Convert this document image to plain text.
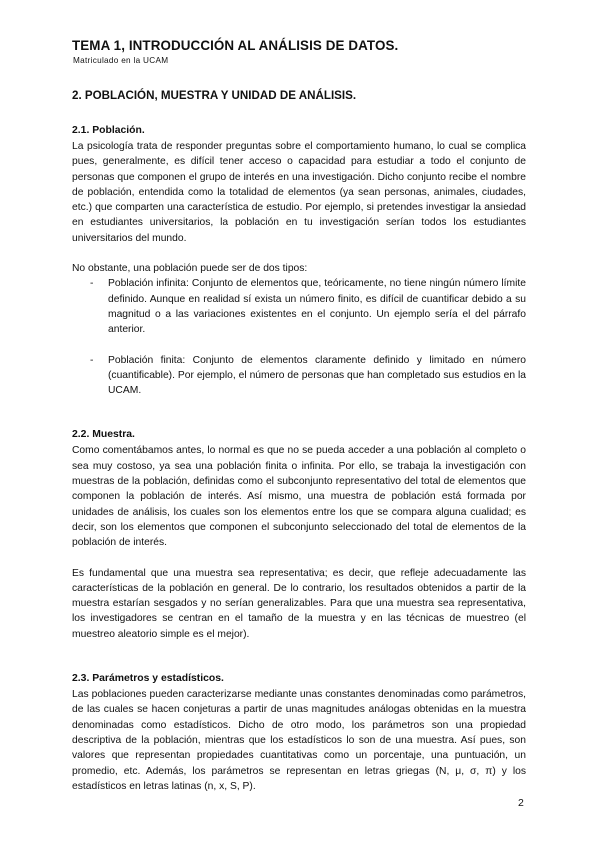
TEMA 1, INTRODUCCIÓN AL ANÁLISIS DE DATOS.
Matriculado en la UCAM
2. POBLACIÓN, MUESTRA Y UNIDAD DE ANÁLISIS.
2.1. Población.

La psicología trata de responder preguntas sobre el comportamiento humano, lo cual se complica pues, generalmente, es difícil tener acceso o capacidad para estudiar a todo el conjunto de personas que componen el grupo de interés en una investigación. Dicho conjunto recibe el nombre de población, entendida como la totalidad de elementos (ya sean personas, animales, ciudades, etc.) que comparten una característica de estudio. Por ejemplo, si pretendes investigar la ansiedad en estudiantes universitarios, la población en tu investigación serían todos los estudiantes universitarios del mundo.

No obstante, una población puede ser de dos tipos:

- Población infinita: Conjunto de elementos que, teóricamente, no tiene ningún número límite definido. Aunque en realidad sí exista un número finito, es difícil de cuantificar debido a su magnitud o a las variaciones existentes en el conjunto. Un ejemplo sería el del párrafo anterior.
- Población finita: Conjunto de elementos claramente definido y limitado en número (cuantificable). Por ejemplo, el número de personas que han completado sus estudios en la UCAM.
2.2. Muestra.

Como comentábamos antes, lo normal es que no se pueda acceder a una población al completo o sea muy costoso, ya sea una población finita o infinita. Por ello, se trabaja la investigación con muestras de la población, definidas como el subconjunto representativo del total de elementos que componen la población de interés. Así mismo, una muestra de población está formada por unidades de análisis, los cuales son los elementos entre los que se compara alguna cualidad; es decir, son los elementos que componen el subconjunto seleccionado del total de elementos de la población de interés.

Es fundamental que una muestra sea representativa; es decir, que refleje adecuadamente las características de la población en general. De lo contrario, los resultados obtenidos a partir de la muestra estarían sesgados y no serían generalizables. Para que una muestra sea representativa, los investigadores se centran en el tamaño de la muestra y en las técnicas de muestreo (el muestreo aleatorio simple es el mejor).

2.3. Parámetros y estadísticos.

Las poblaciones pueden caracterizarse mediante unas constantes denominadas como parámetros, de las cuales se hacen conjeturas a partir de unas magnitudes análogas obtenidas en la muestra denominadas como estadísticos. Dicho de otro modo, los parámetros son una propiedad descriptiva de la población, mientras que los estadísticos lo son de una muestra. Así pues, son valores que representan propiedades cuantitativas como un porcentaje, una puntuación, un promedio, etc. Además, los parámetros se representan en letras griegas (N, μ, σ, π) y los estadísticos en letras latinas (n, x, S, P).

2
